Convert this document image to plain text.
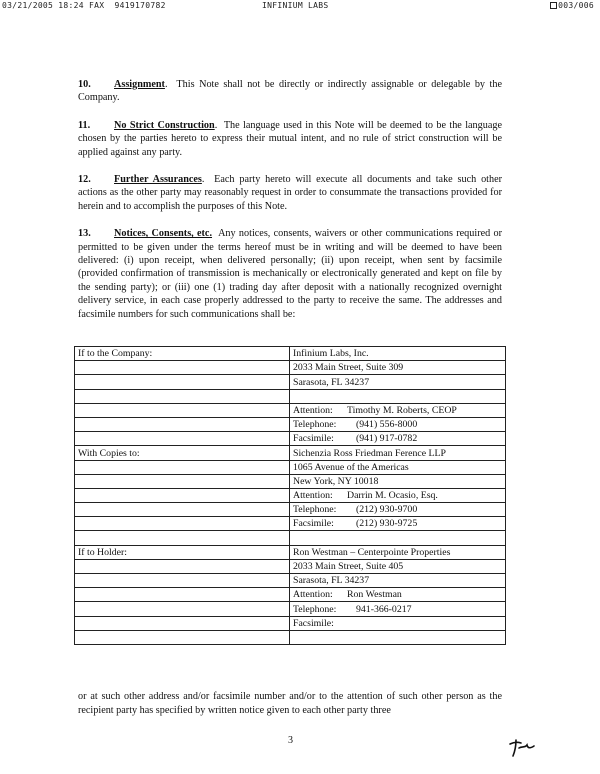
03/21/2005 18:24 FAX  9419170782	INFINIUM LABS	003/006

10. Assignment.  This Note shall not be directly or indirectly assignable or delegable by the Company.

11. No Strict Construction.  The language used in this Note will be deemed to be the language chosen by the parties hereto to express their mutual intent, and no rule of strict construction will be applied against any party.

12. Further Assurances.  Each party hereto will execute all documents and take such other actions as the other party may reasonably request in order to consummate the transactions provided for herein and to accomplish the purposes of this Note.

13. Notices, Consents, etc. Any notices, consents, waivers or other communications required or permitted to be given under the terms hereof must be in writing and will be deemed to have been delivered: (i) upon receipt, when delivered personally; (ii) upon receipt, when sent by facsimile (provided confirmation of transmission is mechanically or electronically generated and kept on file by the sending party); or (iii) one (1) trading day after deposit with a nationally recognized overnight delivery service, in each case properly addressed to the party to receive the same. The addresses and facsimile numbers for such communications shall be:

If to the Company:	Infinium Labs, Inc.
	2033 Main Street, Suite 309
	Sarasota, FL 34237

	Attention: Timothy M. Roberts, CEOP
	Telephone: (941) 556-8000
	Facsimile: (941) 917-0782
With Copies to:	Sichenzia Ross Friedman Ference LLP
	1065 Avenue of the Americas
	New York, NY 10018
	Attention: Darrin M. Ocasio, Esq.
	Telephone: (212) 930-9700
	Facsimile: (212) 930-9725

If to Holder:	Ron Westman – Centerpointe Properties
	2033 Main Street, Suite 405
	Sarasota, FL 34237
	Attention: Ron Westman
	Telephone: 941-366-0217
	Facsimile:

or at such other address and/or facsimile number and/or to the attention of such other person as the recipient party has specified by written notice given to each other party three

3
